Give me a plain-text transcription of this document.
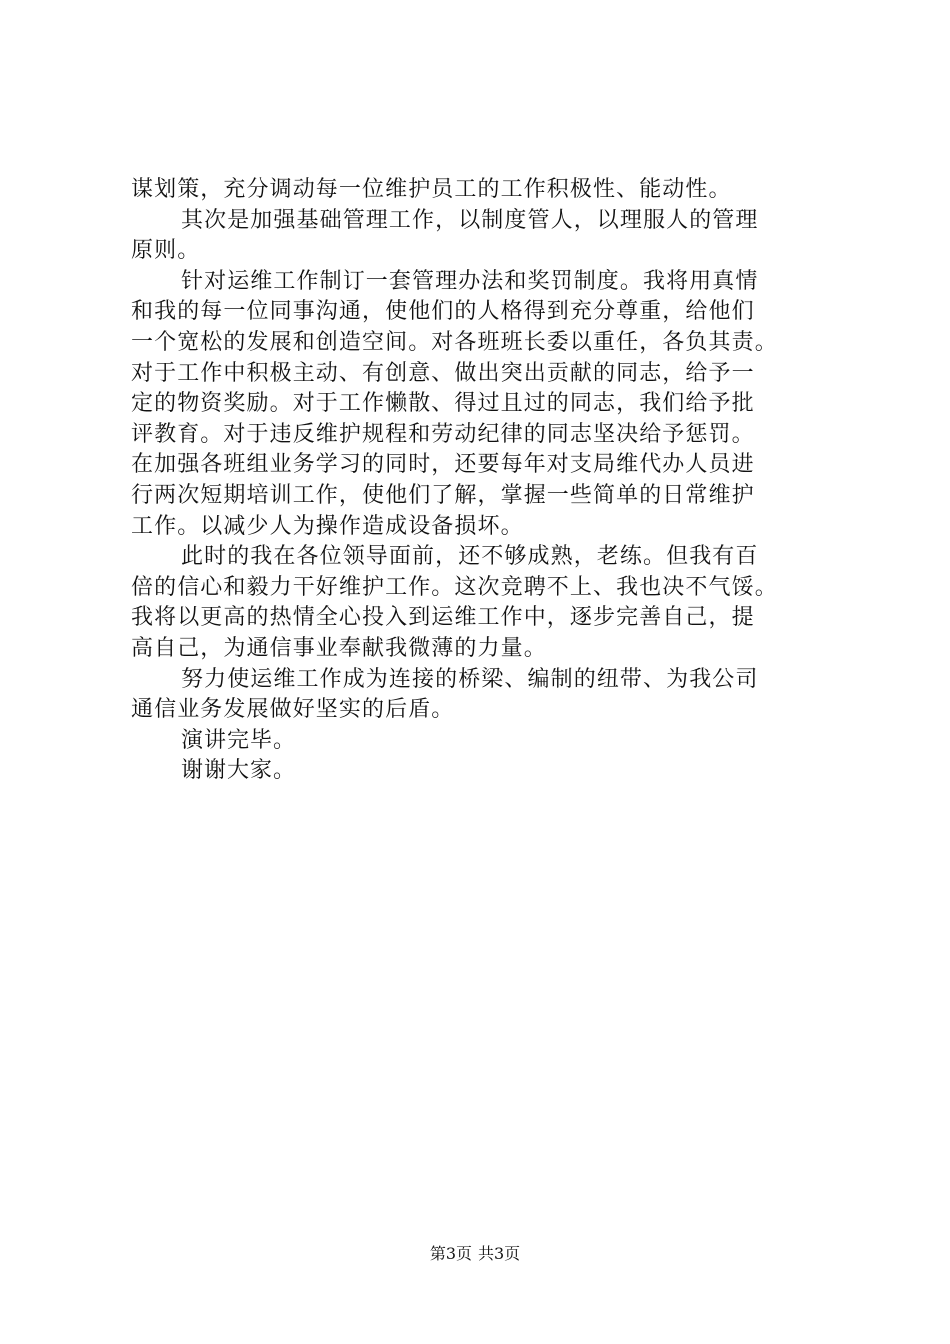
谋划策，充分调动每一位维护员工的工作积极性、能动性。
其次是加强基础管理工作，以制度管人，以理服人的管理
原则。
针对运维工作制订一套管理办法和奖罚制度。我将用真情
和我的每一位同事沟通，使他们的人格得到充分尊重，给他们
一个宽松的发展和创造空间。对各班班长委以重任，各负其责。
对于工作中积极主动、有创意、做出突出贡献的同志，给予一
定的物资奖励。对于工作懒散、得过且过的同志，我们给予批
评教育。对于违反维护规程和劳动纪律的同志坚决给予惩罚。
在加强各班组业务学习的同时，还要每年对支局维代办人员进
行两次短期培训工作，使他们了解，掌握一些简单的日常维护
工作。以减少人为操作造成设备损坏。
此时的我在各位领导面前，还不够成熟，老练。但我有百
倍的信心和毅力干好维护工作。这次竞聘不上、我也决不气馁。
我将以更高的热情全心投入到运维工作中，逐步完善自己，提
高自己，为通信事业奉献我微薄的力量。
努力使运维工作成为连接的桥梁、编制的纽带、为我公司
通信业务发展做好坚实的后盾。
演讲完毕。
谢谢大家。
第3页 共3页
